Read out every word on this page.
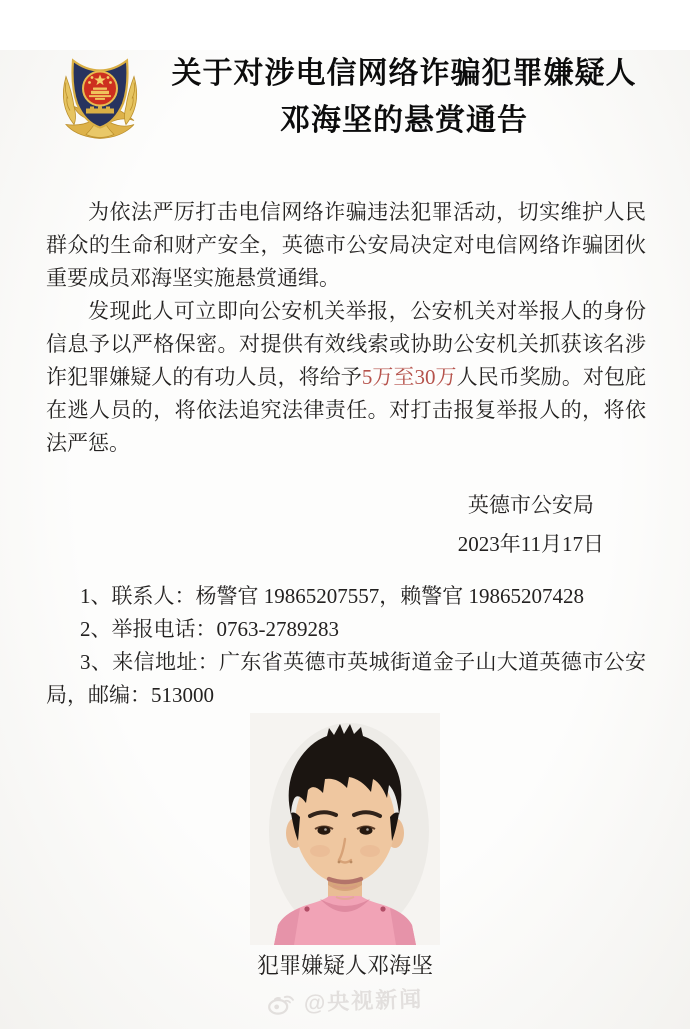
关于对涉电信网络诈骗犯罪嫌疑人
邓海坚的悬赏通告

为依法严厉打击电信网络诈骗违法犯罪活动，切实维护人民群众的生命和财产安全，英德市公安局决定对电信网络诈骗团伙重要成员邓海坚实施悬赏通缉。

发现此人可立即向公安机关举报，公安机关对举报人的身份信息予以严格保密。对提供有效线索或协助公安机关抓获该名涉诈犯罪嫌疑人的有功人员，将给予5万至30万人民币奖励。对包庇在逃人员的，将依法追究法律责任。对打击报复举报人的，将依法严惩。

英德市公安局
2023年11月17日

1、联系人：杨警官 19865207557，赖警官 19865207428

2、举报电话：0763-2789283

3、来信地址：广东省英德市英城街道金子山大道英德市公安局，邮编：513000

犯罪嫌疑人邓海坚
@央视新闻
